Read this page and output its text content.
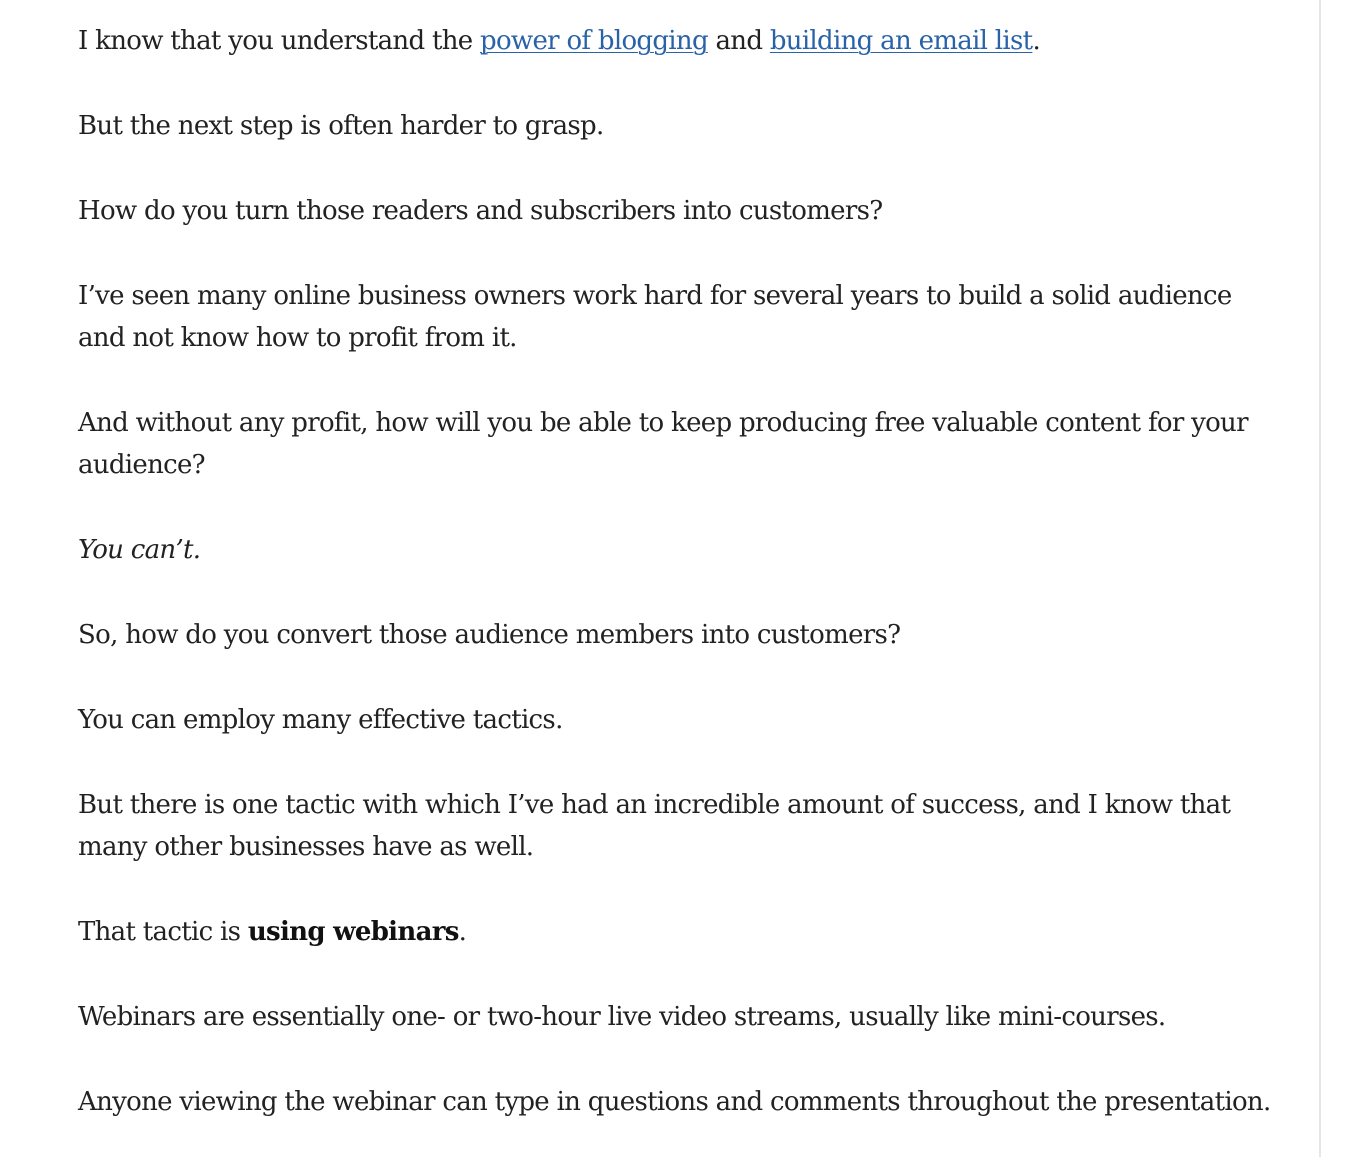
I know that you understand the power of blogging and building an email list.

But the next step is often harder to grasp.

How do you turn those readers and subscribers into customers?

I’ve seen many online business owners work hard for several years to build a solid audience and not know how to profit from it.

And without any profit, how will you be able to keep producing free valuable content for your audience?

You can’t.

So, how do you convert those audience members into customers?

You can employ many effective tactics.

But there is one tactic with which I’ve had an incredible amount of success, and I know that many other businesses have as well.

That tactic is using webinars.

Webinars are essentially one- or two-hour live video streams, usually like mini-courses.

Anyone viewing the webinar can type in questions and comments throughout the presentation.
